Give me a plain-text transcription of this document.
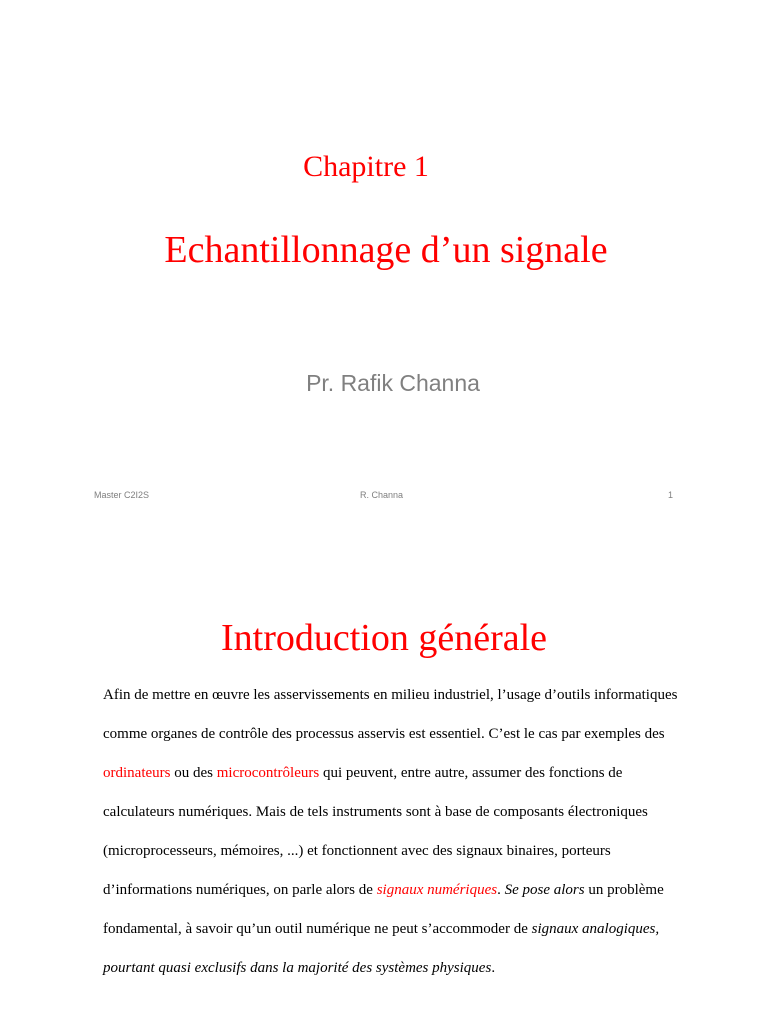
Chapitre 1
Echantillonnage d’un signale
Pr. Rafik Channa
Master C2I2S	R. Channa	1
Introduction générale
Afin de mettre en œuvre les asservissements en milieu industriel, l’usage d’outils informatiques comme organes de contrôle des processus asservis est essentiel. C’est le cas par exemples des ordinateurs ou des microcontrôleurs qui peuvent, entre autre, assumer des fonctions de calculateurs numériques. Mais de tels instruments sont à base de composants électroniques (microprocesseurs, mémoires, ...) et fonctionnent avec des signaux binaires, porteurs d’informations numériques, on parle alors de signaux numériques. Se pose alors un problème fondamental, à savoir qu’un outil numérique ne peut s’accommoder de signaux analogiques, pourtant quasi exclusifs dans la majorité des systèmes physiques.
